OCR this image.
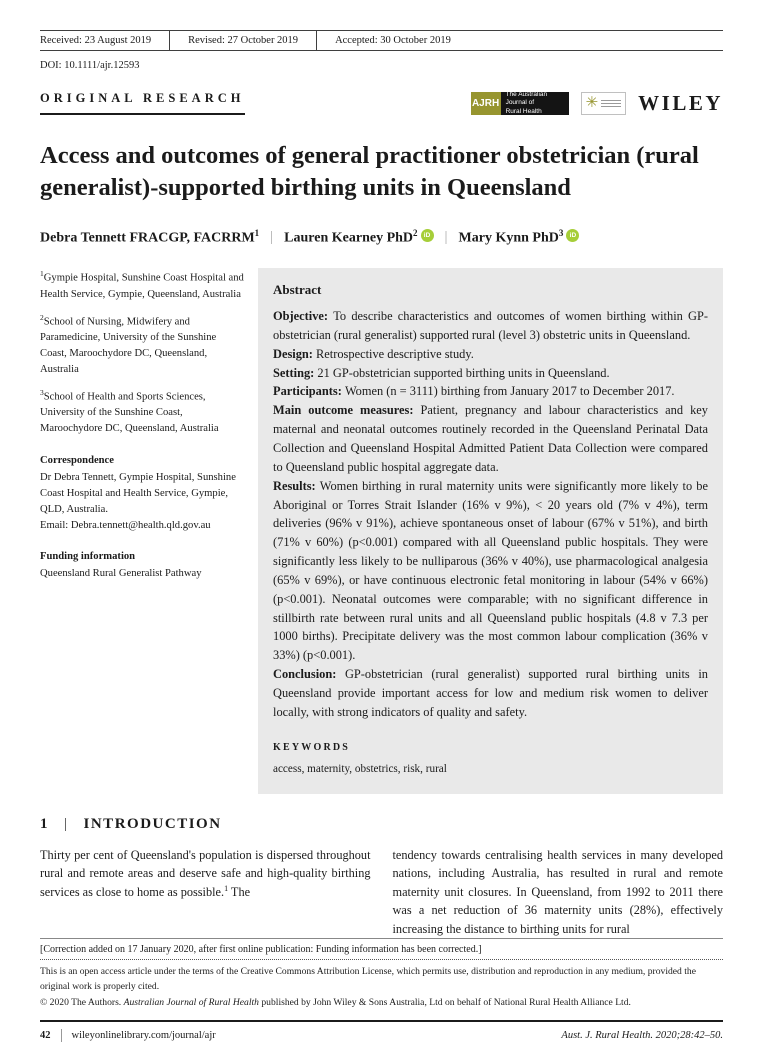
Received: 23 August 2019	Revised: 27 October 2019	Accepted: 30 October 2019
DOI: 10.1111/ajr.12593
ORIGINAL RESEARCH	AJRH
The Australian Journal of
Rural Health
✳ WILEY
Access and outcomes of general practitioner obstetrician (rural generalist)-supported birthing units in Queensland
Debra Tennett FRACGP, FACRRM$^1$ | Lauren Kearney PhD$^2$ iD | Mary Kynn PhD$^3$ iD

$^1$Gympie Hospital, Sunshine Coast Hospital and Health Service, Gympie, Queensland, Australia

$^2$School of Nursing, Midwifery and Paramedicine, University of the Sunshine Coast, Maroochydore DC, Queensland, Australia

$^3$School of Health and Sports Sciences, University of the Sunshine Coast, Maroochydore DC, Queensland, Australia

Correspondence

Dr Debra Tennett, Gympie Hospital, Sunshine Coast Hospital and Health Service, Gympie, QLD, Australia.

Email: Debra.tennett@health.qld.gov.au

Funding information

Queensland Rural Generalist Pathway

Abstract

Objective: To describe characteristics and outcomes of women birthing within GP-obstetrician (rural generalist) supported rural (level 3) obstetric units in Queensland.

Design: Retrospective descriptive study.

Setting: 21 GP-obstetrician supported birthing units in Queensland.

Participants: Women (n = 3111) birthing from January 2017 to December 2017.

Main outcome measures: Patient, pregnancy and labour characteristics and key maternal and neonatal outcomes routinely recorded in the Queensland Perinatal Data Collection and Queensland Hospital Admitted Patient Data Collection were compared to Queensland public hospital aggregate data.

Results: Women birthing in rural maternity units were significantly more likely to be Aboriginal or Torres Strait Islander (16% v 9%), < 20 years old (7% v 4%), term deliveries (96% v 91%), achieve spontaneous onset of labour (67% v 51%), and birth (71% v 60%) (p<0.001) compared with all Queensland public hospitals. They were significantly less likely to be nulliparous (36% v 40%), use pharmacological analgesia (65% v 69%), or have continuous electronic fetal monitoring in labour (54% v 66%) (p<0.001). Neonatal outcomes were comparable; with no significant difference in stillbirth rate between rural units and all Queensland public hospitals (4.8 v 7.3 per 1000 births). Precipitate delivery was the most common labour complication (36% v 33%) (p<0.001).

Conclusion: GP-obstetrician (rural generalist) supported rural birthing units in Queensland provide important access for low and medium risk women to deliver locally, with strong indicators of quality and safety.

KEYWORDS
access, maternity, obstetrics, risk, rural
1 | INTRODUCTION
Thirty per cent of Queensland's population is dispersed throughout rural and remote areas and deserve safe and high-quality birthing services as close to home as possible.$^1$ The
tendency towards centralising health services in many developed nations, including Australia, has resulted in rural and remote maternity unit closures. In Queensland, from 1992 to 2011 there was a net reduction of 36 maternity units (28%), effectively increasing the distance to birthing units for rural
[Correction added on 17 January 2020, after first online publication: Funding information has been corrected.]
This is an open access article under the terms of the Creative Commons Attribution License, which permits use, distribution and reproduction in any medium, provided the original work is properly cited.
© 2020 The Authors. Australian Journal of Rural Health published by John Wiley & Sons Australia, Ltd on behalf of National Rural Health Alliance Ltd.
42 wileyonlinelibrary.com/journal/ajr	Aust. J. Rural Health. 2020;28:42–50.
